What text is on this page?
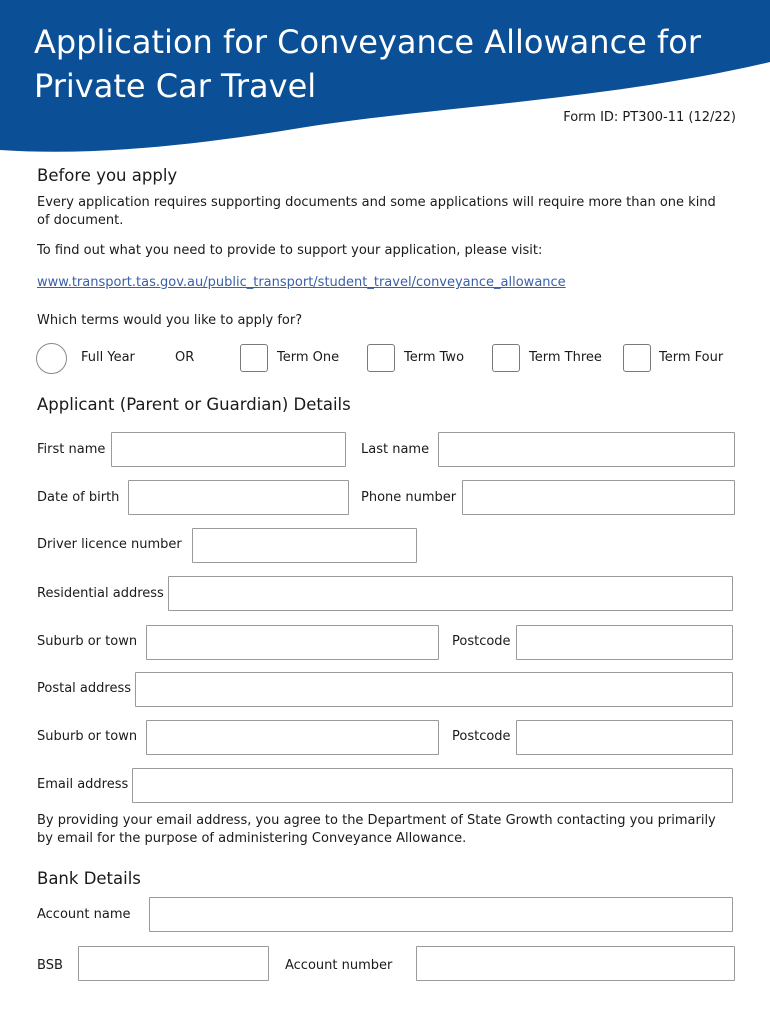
Application for Conveyance Allowance for Private Car Travel
Form ID: PT300-11 (12/22)
Before you apply
Every application requires supporting documents and some applications will require more than one kind of document.
To find out what you need to provide to support your application, please visit:
www.transport.tas.gov.au/public_transport/student_travel/conveyance_allowance
Which terms would you like to apply for?
Full Year	OR	Term One	Term Two	Term Three	Term Four
Applicant (Parent or Guardian) Details
First name	Last name
Date of birth	Phone number
Driver licence number
Residential address
Suburb or town	Postcode
Postal address
Suburb or town	Postcode
Email address
By providing your email address, you agree to the Department of State Growth contacting you primarily by email for the purpose of administering Conveyance Allowance.
Bank Details
Account name
BSB	Account number
